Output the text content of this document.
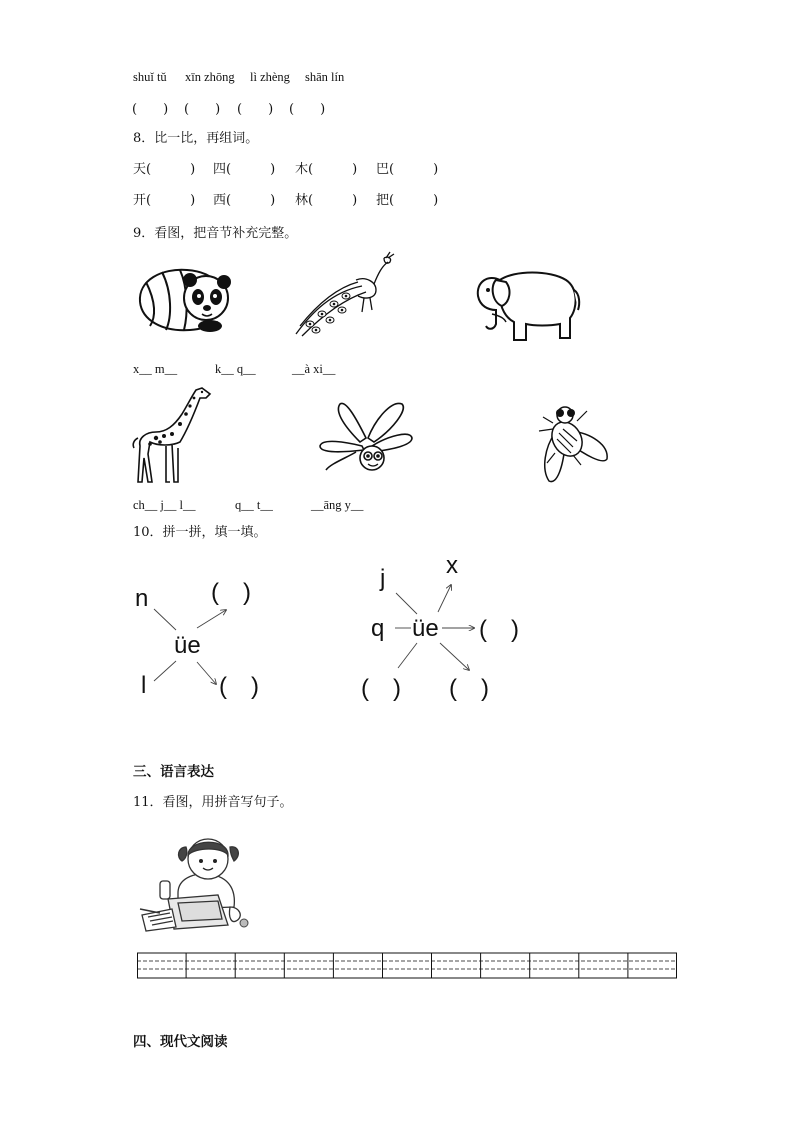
shuǐ tǔ xīn zhōng lì zhèng shān lín
(　　) (　　) (　　) (　　)
8．比一比，再组词。
天(　　　) 四(　　　) 木(　　　) 巴(　　　)
开(　　　) 西(　　　) 林(　　　) 把(　　　)
9．看图，把音节补充完整。
x__ m__	k__ q__	__à xi__
ch__ j__ l__	q__ t__	__āng y__
10．拼一拼，填一填。
n	(　)
üe
l	(　)
j	x
q üe (　)
(　) (　)
三、语言表达
11．看图，用拼音写句子。
四、现代文阅读
